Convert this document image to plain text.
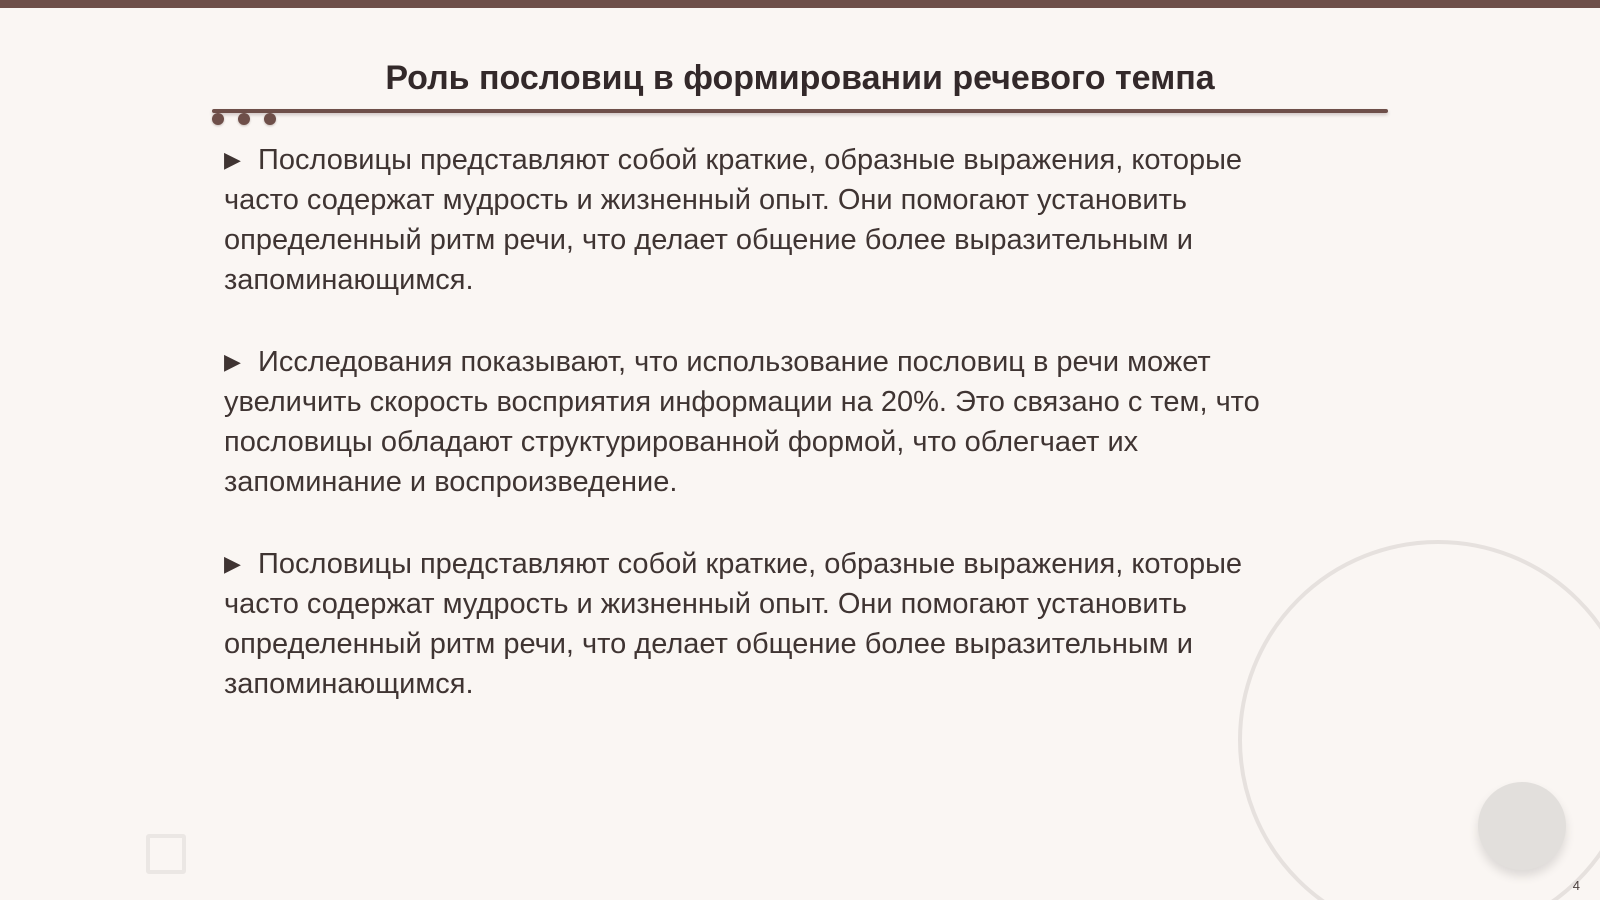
Роль пословиц в формировании речевого темпа

▶ Пословицы представляют собой краткие, образные выражения, которые часто содержат мудрость и жизненный опыт. Они помогают установить определенный ритм речи, что делает общение более выразительным и запоминающимся.

▶ Исследования показывают, что использование пословиц в речи может увеличить скорость восприятия информации на 20%. Это связано с тем, что пословицы обладают структурированной формой, что облегчает их запоминание и воспроизведение.

▶ Пословицы представляют собой краткие, образные выражения, которые часто содержат мудрость и жизненный опыт. Они помогают установить определенный ритм речи, что делает общение более выразительным и запоминающимся.

4
